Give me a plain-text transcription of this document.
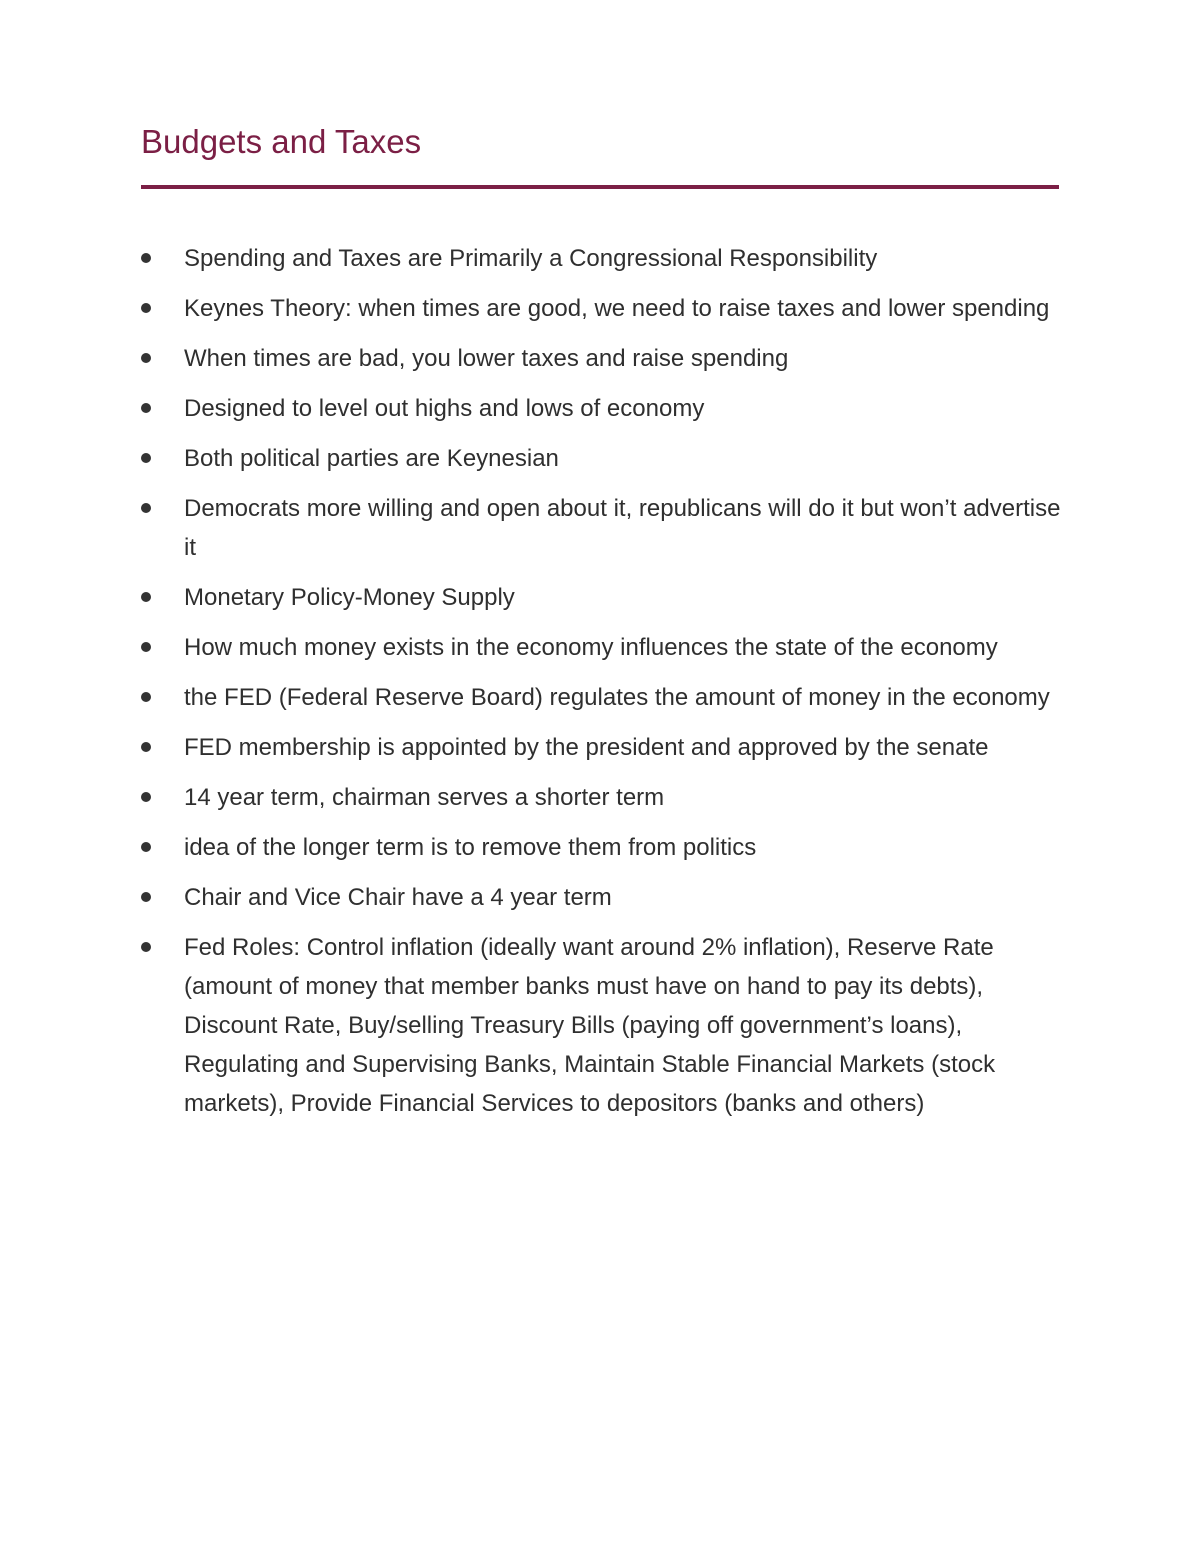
Budgets and Taxes
Spending and Taxes are Primarily a Congressional Responsibility
Keynes Theory: when times are good, we need to raise taxes and lower spending
When times are bad, you lower taxes and raise spending
Designed to level out highs and lows of economy
Both political parties are Keynesian
Democrats more willing and open about it, republicans will do it but won’t advertise it
Monetary Policy-Money Supply
How much money exists in the economy influences the state of the economy
the FED (Federal Reserve Board) regulates the amount of money in the economy
FED membership is appointed by the president and approved by the senate
14 year term, chairman serves a shorter term
idea of the longer term is to remove them from politics
Chair and Vice Chair have a 4 year term
Fed Roles: Control inflation (ideally want around 2% inflation), Reserve Rate (amount of money that member banks must have on hand to pay its debts), Discount Rate, Buy/selling Treasury Bills (paying off government’s loans), Regulating and Supervising Banks, Maintain Stable Financial Markets (stock markets), Provide Financial Services to depositors (banks and others)
